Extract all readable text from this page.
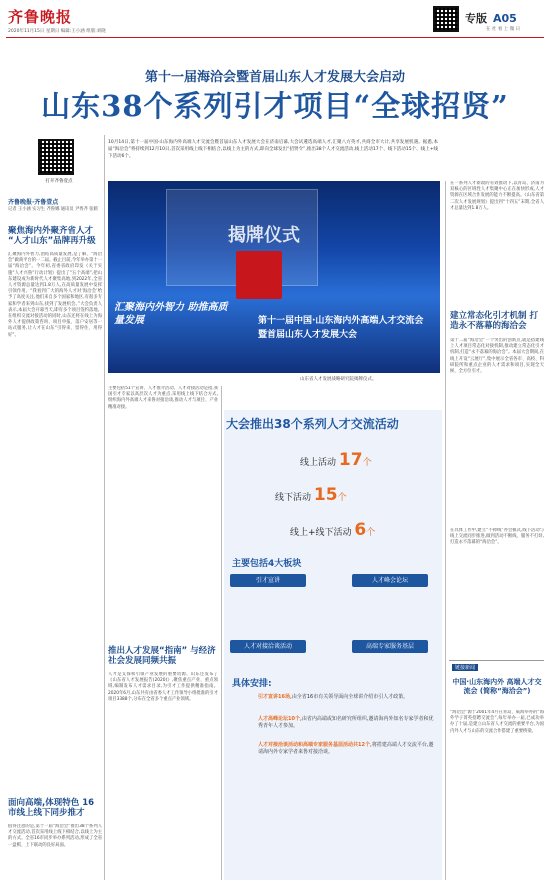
齐鲁晚报
2020年11月15日 星期日 编辑:王小涵 组版:刘晓
专版 A05
在 社 看 上 微 日
第十一届海洽会暨首届山东人才发展大会启动
山东38个系列引才项目“全球招贤”
打开齐鲁壹点
齐鲁晚报·齐鲁壹点
记者 王小涵 实习生 齐鲁娜 通讯员 尹秀齐 张鹤
聚焦海内外聚齐省人才 “人才山东”品牌再升级
汇聚海内外智力,团结高质量发展,是了解、“海洽会”做商平台的一二届。截止目前,今年举办第十一届“海洽会”。今年初,省委省政府印发《关于实施“人才兴鲁”行动计划》提出了“五个高端”,把山东建设成为新时代人才聚集高地,到2022年,全省人才资源总量达到1.8万人,在高质量发展中发挥引领作用。“我看到广大的海外人才对‘海洽会’给予了高度关注,他们来自多个国家和地区,有很多专家和学者来到山东,找到了发展机会。”大会负责人表示,本届大会开幕当天,即有多个项目签约落地。在组织交流对接活动的同时,山东还将在线上为海外人才提供政策咨询、项目申报、落户安居等一站式服务,让人才在山东“引得来、留得住、用得好”。
面向高端,体现特色 16市线上线下同步推才
值得注意的是,第十一届“海洽会”推出38个系列人才交流活动,首次采用线上线下相结合,以线上为主的方式。全省16市同步举办系列活动,形成了全省一盘棋、上下联动的良好局面。
10月14日,第十一届中国·山东海内外高端人才交流会暨首届山东人才发展大会在济南启幕,大会试遴选高端人才,汇聚八方英才,共商全市大计,共享发展机遇。据悉,本届“海洽会”将持续到12月10日,首次采用线上线下相结合,以线上为主的方式,即向全球发出“招贤令”,推出38个人才交流活动,线上活动17个、线下活动15个、线上+线下活动6个。
揭牌仪式
汇聚海内外智力 助推高质量发展	第十一届中国·山东海内外高端人才交流会
暨首届山东人才发展大会
山东省人才发展战略研究院揭牌仪式。
主要包括51个宣讲、人才推介活动。人才对接活动是指,我国引才专家以高层次人才为重点,采用线上线下结合方式,组织海内外高端人才来鲁对接洽谈,推动人才与项目、产业精准对接。
推出人才发展“指南” 与经济社会发展同频共振
人才是支撑和引领产业发展的重要资源。山东还发布了《山东省人才发展报告(2020)》,聚焦重点产业、重点领域,编制发布人才需求目录,为引才工作提供精准指南。2020年6月,山东共有由省委人才工作领导小组批准的引才项目3388个,分布在全省多个重点产业领域。
大会推出38个系列人才交流活动
线上活动 17个
线下活动 15个
线上+线下活动 6个
主要包括4大板块
引才宣讲	人才峰会论坛
人才对接洽谈活动	高端专家服务基层
具体安排:
引才宣讲16场,由全省16市有关领导面向全球讲介绍市引人才政策。
人才高峰论坛10个,由省内高端或知名研究所组织,邀请海内外知名专家学者和优秀青年人才参加。
人才对接洽谈活动和高端专家服务基层活动共12个,将搭建高端人才交流平台,邀请海内外专家学者来鲁对接洽谈。
在一系列人才新政的有效推动下,以青岛、济南为双核心的区域性人才集聚中心正在加快形成,人才资源在区域合作发展的能力不断提高。《山东省第二次人才发展规划》提出到“十四五”末期,全省人才总量达到1.8万人。
建立常态化引才机制 打造永不落幕的海洽会
第十二届“海洽会”一个突出的创新点,就是搭建线上人才项目常态化对接机制,推动建立常态化引才机制,打造“永不落幕的海洽会”。本届大会期间,在线上开设“云展厅”,集中展示全省各市、高校、科研院所和重点企业的人才需求和项目,实现全天候、全方位引才。
在具体工作中,建立“不掉线”办会模式,线下活动与线上交流同步推进,做到活动不断线、服务不打烊,打造永不落幕的“海洽会”。
链接新闻
中国·山东海内外 高端人才交流会 (简称“海洽会”)
“海洽会”源于2001年4月在青岛、威海举办的“海外学子菁英招聘交流会”,每年举办一届,已成功举办了十届,是建立山东省人才交流的重要平台,为国内外人才与山东的交流合作搭建了重要桥梁。
